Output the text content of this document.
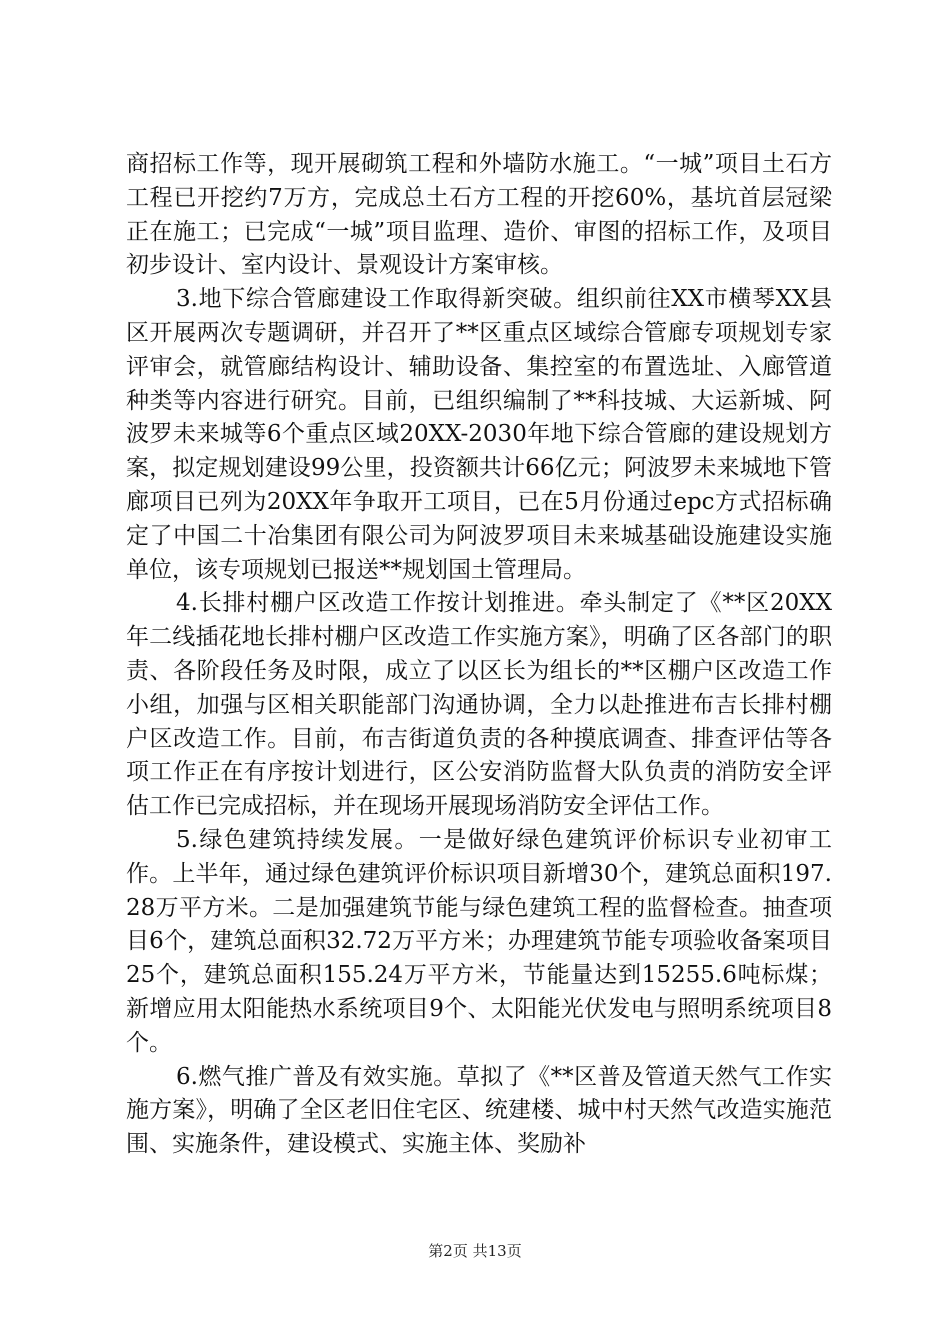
商招标工作等，现开展砌筑工程和外墙防水施工。“一城”项目土石方工程已开挖约7万方，完成总土石方工程的开挖60%，基坑首层冠梁正在施工；已完成“一城”项目监理、造价、审图的招标工作，及项目初步设计、室内设计、景观设计方案审核。

3.地下综合管廊建设工作取得新突破。组织前往XX市横琴XX县区开展两次专题调研，并召开了**区重点区域综合管廊专项规划专家评审会，就管廊结构设计、辅助设备、集控室的布置选址、入廊管道种类等内容进行研究。目前，已组织编制了**科技城、大运新城、阿波罗未来城等6个重点区域20XX-2030年地下综合管廊的建设规划方案，拟定规划建设99公里，投资额共计66亿元；阿波罗未来城地下管廊项目已列为20XX年争取开工项目，已在5月份通过epc方式招标确定了中国二十冶集团有限公司为阿波罗项目未来城基础设施建设实施单位，该专项规划已报送**规划国土管理局。

4.长排村棚户区改造工作按计划推进。牵头制定了《**区20XX年二线插花地长排村棚户区改造工作实施方案》，明确了区各部门的职责、各阶段任务及时限，成立了以区长为组长的**区棚户区改造工作小组，加强与区相关职能部门沟通协调，全力以赴推进布吉长排村棚户区改造工作。目前，布吉街道负责的各种摸底调查、排查评估等各项工作正在有序按计划进行，区公安消防监督大队负责的消防安全评估工作已完成招标，并在现场开展现场消防安全评估工作。

5.绿色建筑持续发展。一是做好绿色建筑评价标识专业初审工作。上半年，通过绿色建筑评价标识项目新增30个，建筑总面积197.28万平方米。二是加强建筑节能与绿色建筑工程的监督检查。抽查项目6个，建筑总面积32.72万平方米；办理建筑节能专项验收备案项目25个，建筑总面积155.24万平方米，节能量达到15255.6吨标煤；新增应用太阳能热水系统项目9个、太阳能光伏发电与照明系统项目8个。

6.燃气推广普及有效实施。草拟了《**区普及管道天然气工作实施方案》，明确了全区老旧住宅区、统建楼、城中村天然气改造实施范围、实施条件，建设模式、实施主体、奖励补

第2页 共13页
